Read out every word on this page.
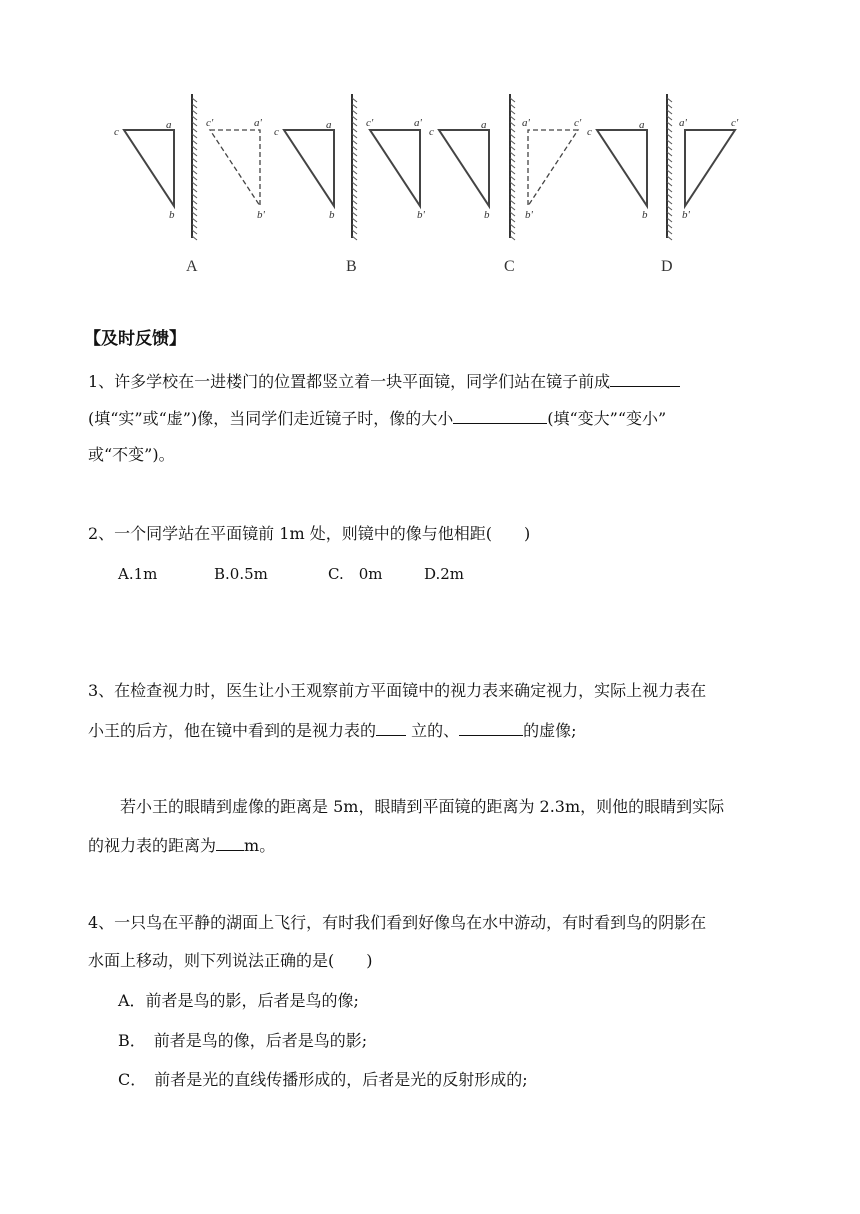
c
a
b
c'	a'
b'
A
c
a
b
c'	a'
b'
B
c
a
b
c'
a'
b'
C
c
a
b
c'
a'
b'
D
【及时反馈】
1、许多学校在一进楼门的位置都竖立着一块平面镜，同学们站在镜子前成
(填“实”或“虚”)像，当同学们走近镜子时，像的大小	(填“变大”“变小”
或“不变”)。
2、一个同学站在平面镜前 1m 处，则镜中的像与他相距(　　)
A.1m	B.0.5m	C.　0m	D.2m
3、在检查视力时，医生让小王观察前方平面镜中的视力表来确定视力，实际上视力表在
小王的后方，他在镜中看到的是视力表的 立的、	的虚像;
若小王的眼睛到虚像的距离是 5m，眼睛到平面镜的距离为 2.3m，则他的眼睛到实际
的视力表的距离为 m。
4、一只鸟在平静的湖面上飞行，有时我们看到好像鸟在水中游动，有时看到鸟的阴影在
水面上移动，则下列说法正确的是(　　)
A．前者是鸟的影，后者是鸟的像;
B．　前者是鸟的像，后者是鸟的影;
C．　前者是光的直线传播形成的，后者是光的反射形成的;
